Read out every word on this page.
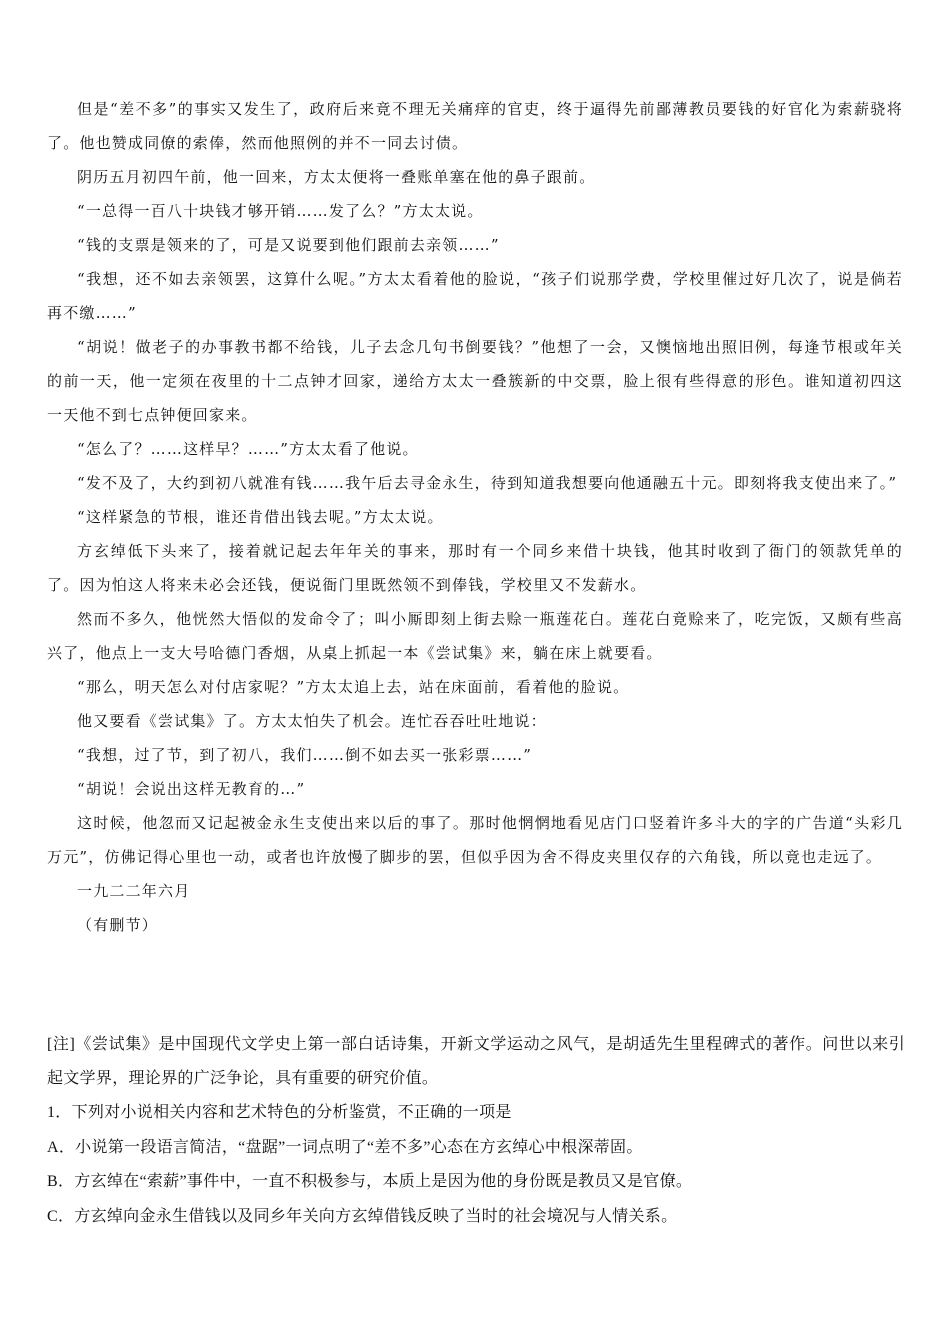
但是“差不多”的事实又发生了，政府后来竟不理无关痛痒的官吏，终于逼得先前鄙薄教员要钱的好官化为索薪骁将了。他也赞成同僚的索俸，然而他照例的并不一同去讨债。

阴历五月初四午前，他一回来，方太太便将一叠账单塞在他的鼻子跟前。

“一总得一百八十块钱才够开销……发了么？”方太太说。

“钱的支票是领来的了，可是又说要到他们跟前去亲领……”

“我想，还不如去亲领罢，这算什么呢。”方太太看着他的脸说，“孩子们说那学费，学校里催过好几次了，说是倘若再不缴……”

“胡说！做老子的办事教书都不给钱，儿子去念几句书倒要钱？”他想了一会，又懊恼地出照旧例，每逢节根或年关的前一天，他一定须在夜里的十二点钟才回家，递给方太太一叠簇新的中交票，脸上很有些得意的形色。谁知道初四这一天他不到七点钟便回家来。

“怎么了？……这样早？……”方太太看了他说。

“发不及了，大约到初八就准有钱……我午后去寻金永生，待到知道我想要向他通融五十元。即刻将我支使出来了。”

“这样紧急的节根，谁还肯借出钱去呢。”方太太说。

方玄绰低下头来了，接着就记起去年年关的事来，那时有一个同乡来借十块钱，他其时收到了衙门的领款凭单的了。因为怕这人将来未必会还钱，便说衙门里既然领不到俸钱，学校里又不发薪水。

然而不多久，他恍然大悟似的发命令了；叫小厮即刻上街去赊一瓶莲花白。莲花白竟赊来了，吃完饭，又颇有些高兴了，他点上一支大号哈德门香烟，从桌上抓起一本《尝试集》来，躺在床上就要看。

“那么，明天怎么对付店家呢？”方太太追上去，站在床面前，看着他的脸说。

他又要看《尝试集》了。方太太怕失了机会。连忙吞吞吐吐地说：

“我想，过了节，到了初八，我们……倒不如去买一张彩票……”

“胡说！会说出这样无教育的…”

这时候，他忽而又记起被金永生支使出来以后的事了。那时他惘惘地看见店门口竖着许多斗大的字的广告道“头彩几万元”，仿佛记得心里也一动，或者也许放慢了脚步的罢，但似乎因为舍不得皮夹里仅存的六角钱，所以竟也走远了。

一九二二年六月

（有删节）

[注]《尝试集》是中国现代文学史上第一部白话诗集，开新文学运动之风气，是胡适先生里程碑式的著作。问世以来引起文学界，理论界的广泛争论，具有重要的研究价值。

1．下列对小说相关内容和艺术特色的分析鉴赏，不正确的一项是

A．小说第一段语言简洁，“盘踞”一词点明了“差不多”心态在方玄绰心中根深蒂固。

B．方玄绰在“索薪”事件中，一直不积极参与，本质上是因为他的身份既是教员又是官僚。

C．方玄绰向金永生借钱以及同乡年关向方玄绰借钱反映了当时的社会境况与人情关系。
